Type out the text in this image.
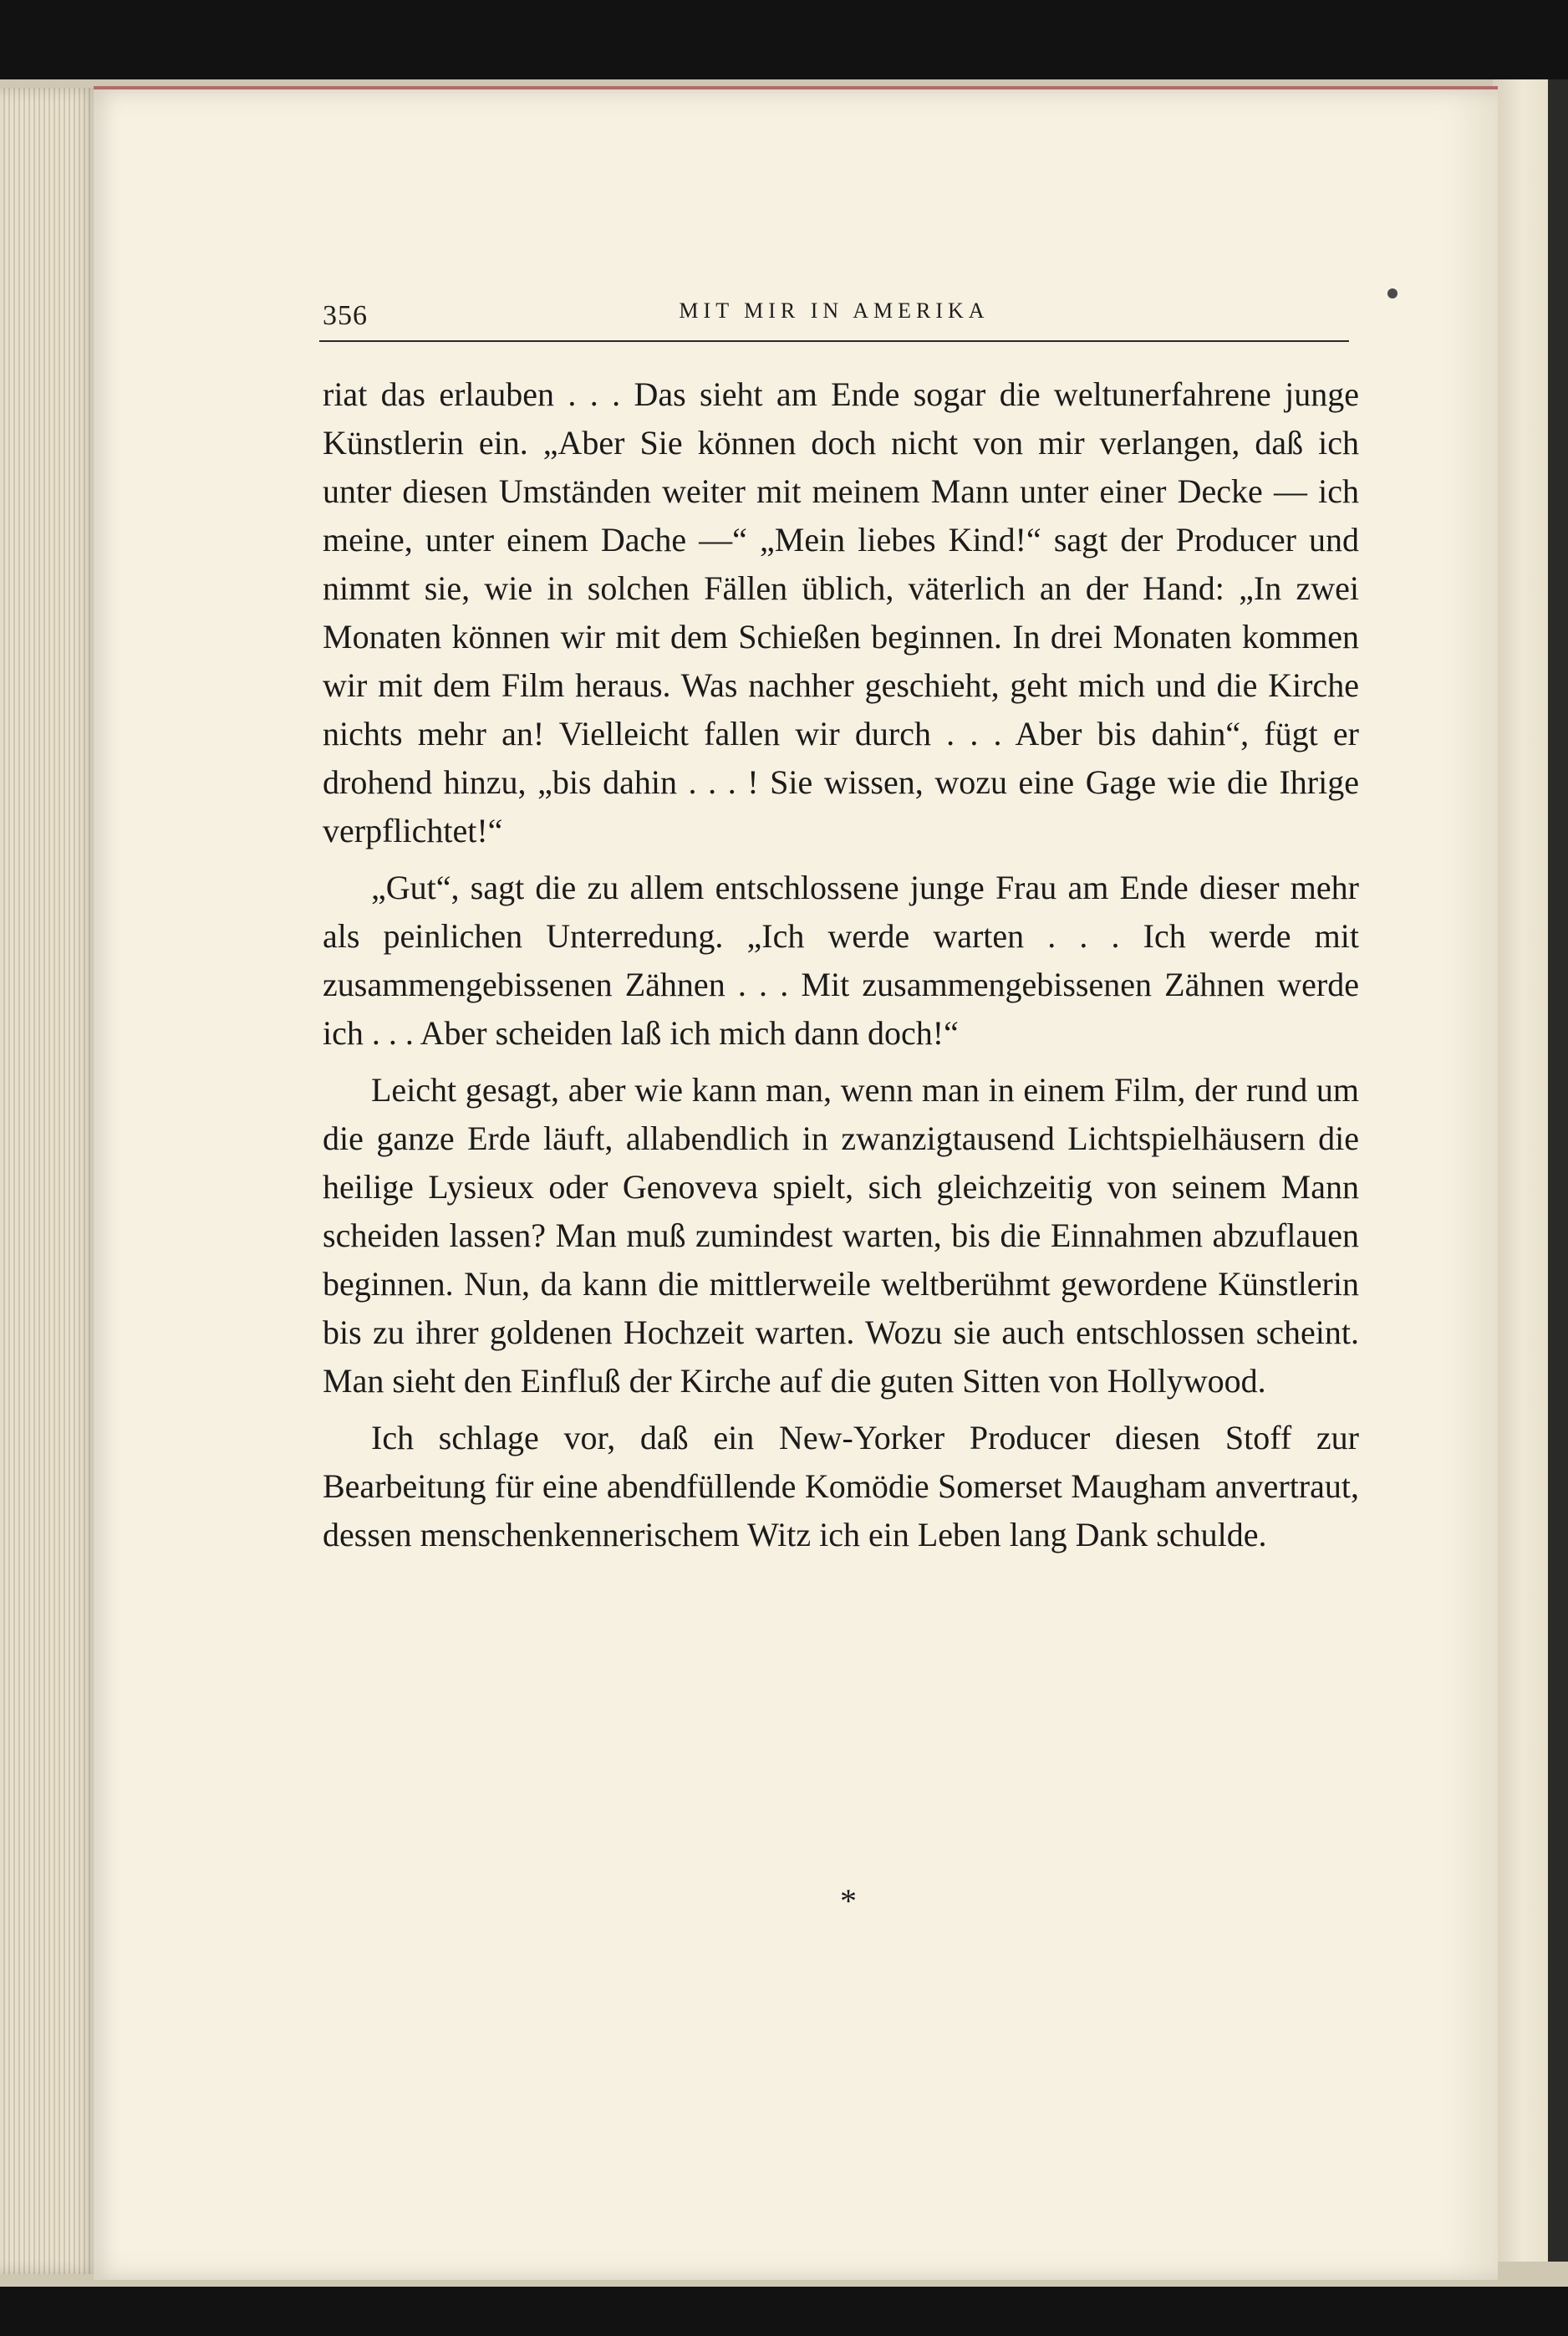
356	MIT MIR IN AMERIKA

riat das erlauben . . . Das sieht am Ende sogar die weltunerfahrene junge Künstlerin ein. „Aber Sie können doch nicht von mir verlangen, daß ich unter diesen Umständen weiter mit meinem Mann unter einer Decke — ich meine, unter einem Dache —“ „Mein liebes Kind!“ sagt der Producer und nimmt sie, wie in solchen Fällen üblich, väterlich an der Hand: „In zwei Monaten können wir mit dem Schießen beginnen. In drei Monaten kommen wir mit dem Film heraus. Was nachher geschieht, geht mich und die Kirche nichts mehr an! Vielleicht fallen wir durch . . . Aber bis dahin“, fügt er drohend hinzu, „bis dahin . . . ! Sie wissen, wozu eine Gage wie die Ihrige verpflichtet!“

„Gut“, sagt die zu allem entschlossene junge Frau am Ende dieser mehr als peinlichen Unterredung. „Ich werde warten . . . Ich werde mit zusammengebissenen Zähnen . . . Mit zusammengebissenen Zähnen werde ich . . . Aber scheiden laß ich mich dann doch!“

Leicht gesagt, aber wie kann man, wenn man in einem Film, der rund um die ganze Erde läuft, allabendlich in zwanzigtausend Lichtspielhäusern die heilige Lysieux oder Genoveva spielt, sich gleichzeitig von seinem Mann scheiden lassen? Man muß zumindest warten, bis die Einnahmen abzuflauen beginnen. Nun, da kann die mittlerweile weltberühmt gewordene Künstlerin bis zu ihrer goldenen Hochzeit warten. Wozu sie auch entschlossen scheint. Man sieht den Einfluß der Kirche auf die guten Sitten von Hollywood.

Ich schlage vor, daß ein New-Yorker Producer diesen Stoff zur Bearbeitung für eine abendfüllende Komödie Somerset Maugham anvertraut, dessen menschenkennerischem Witz ich ein Leben lang Dank schulde.

*
